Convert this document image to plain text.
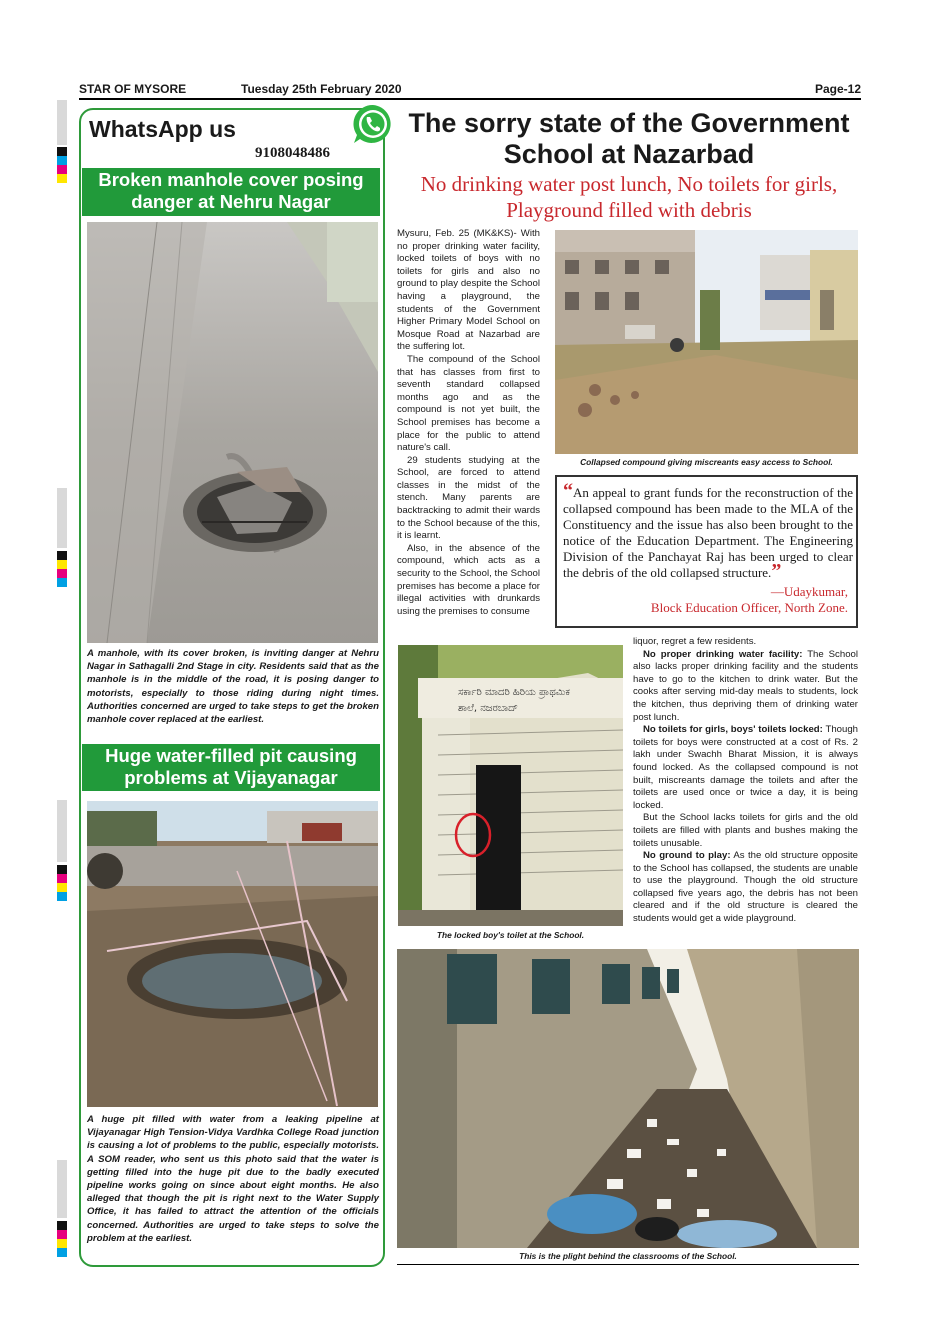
STAR OF MYSORE	Tuesday 25th February 2020	Page-12
WhatsApp us
9108048486
Broken manhole cover posing
danger at Nehru Nagar
A manhole, with its cover broken, is inviting danger at Nehru Nagar in Sathagalli 2nd Stage in city. Residents said that as the manhole is in the middle of the road, it is posing danger to motorists, especially to those riding during night times. Authorities concerned are urged to take steps to get the broken manhole cover replaced at the earliest.
Huge water-filled pit causing
problems at Vijayanagar
A huge pit filled with water from a leaking pipeline at Vijayanagar High Tension-Vidya Vardhka College Road junction is causing a lot of problems to the public, especially motorists. A SOM reader, who sent us this photo said that the water is getting filled into the huge pit due to the badly executed pipeline works going on since about eight months. He also alleged that though the pit is right next to the Water Supply Office, it has failed to attract the attention of the officials concerned. Authorities are urged to take steps to solve the problem at the earliest.
The sorry state of the Government
School at Nazarbad
No drinking water post lunch, No toilets for girls,
Playground filled with debris

Mysuru, Feb. 25 (MK&KS)- With no proper drinking water facility, locked toilets of boys with no toilets for girls and also no ground to play despite the School having a playground, the students of the Government Higher Primary Model School on Mosque Road at Nazarbad are the suffering lot.

The compound of the School that has classes from first to seventh standard collapsed months ago and as the compound is not yet built, the School premises has become a place for the public to attend nature's call.

29 students studying at the School, are forced to attend classes in the midst of the stench. Many parents are backtracking to admit their wards to the School because of the this, it is learnt.

Also, in the absence of the compound, which acts as a security to the School, the School premises has become a place for illegal activities with drunkards using the premises to consume

Collapsed compound giving miscreants easy access to School.
“An appeal to grant funds for the reconstruction of the collapsed compound has been made to the MLA of the Constituency and the issue has also been brought to the notice of the Education Department. The Engineering Division of the Panchayat Raj has been urged to clear the debris of the old collapsed structure.”
—Udaykumar,
Block Education Officer, North Zone.
ಸರ್ಕಾರಿ ಮಾದರಿ ಹಿರಿಯ ಪ್ರಾಥಮಿಕ
ಶಾಲೆ, ನಜರಬಾದ್
The locked boy's toilet at the School.

liquor, regret a few residents.

No proper drinking water facility: The School also lacks proper drinking facility and the students have to go to the kitchen to drink water. But the cooks after serving mid-day meals to students, lock the kitchen, thus depriving them of drinking water post lunch.

No toilets for girls, boys' toilets locked: Though toilets for boys were constructed at a cost of Rs. 2 lakh under Swachh Bharat Mission, it is always found locked. As the collapsed compound is not built, miscreants damage the toilets and after the toilets are used once or twice a day, it is being locked.

But the School lacks toilets for girls and the old toilets are filled with plants and bushes making the toilets unusable.

No ground to play: As the old structure opposite to the School has collapsed, the students are unable to use the playground. Though the old structure collapsed five years ago, the debris has not been cleared and if the old structure is cleared the students would get a wide playground.

This is the plight behind the classrooms of the School.
